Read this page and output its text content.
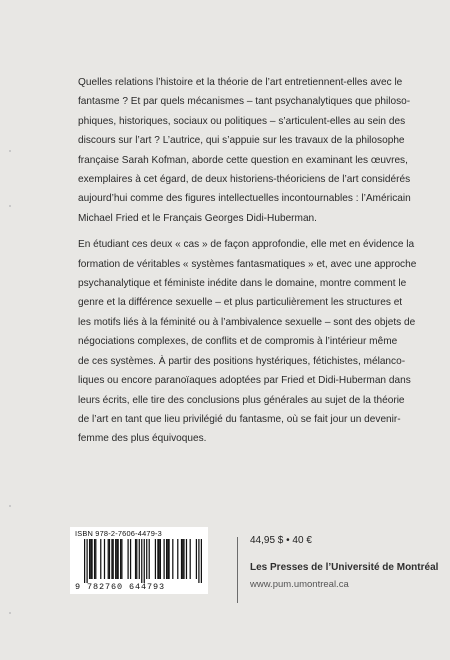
Quelles relations l’histoire et la théorie de l’art entretiennent-elles avec le
fantasme ? Et par quels mécanismes – tant psychanalytiques que philoso-
phiques, historiques, sociaux ou politiques – s’articulent-elles au sein des
discours sur l’art ? L’autrice, qui s’appuie sur les travaux de la philosophe
française Sarah Kofman, aborde cette question en examinant les œuvres,
exemplaires à cet égard, de deux historiens-théoriciens de l’art considérés
aujourd’hui comme des figures intellectuelles incontournables : l’Américain
Michael Fried et le Français Georges Didi-Huberman.

En étudiant ces deux « cas » de façon approfondie, elle met en évidence la
formation de véritables « systèmes fantasmatiques » et, avec une approche
psychanalytique et féministe inédite dans le domaine, montre comment le
genre et la différence sexuelle – et plus particulièrement les structures et
les motifs liés à la féminité ou à l’ambivalence sexuelle – sont des objets de
négociations complexes, de conflits et de compromis à l’intérieur même
de ces systèmes. À partir des positions hystériques, fétichistes, mélanco-
liques ou encore paranoïaques adoptées par Fried et Didi-Huberman dans
leurs écrits, elle tire des conclusions plus générales au sujet de la théorie
de l’art en tant que lieu privilégié du fantasme, où se fait jour un devenir-
femme des plus équivoques.

ISBN 978-2-7606-4479-3
9 782760 644793
44,95 $ • 40 €
Les Presses de l’Université de Montréal
www.pum.umontreal.ca
